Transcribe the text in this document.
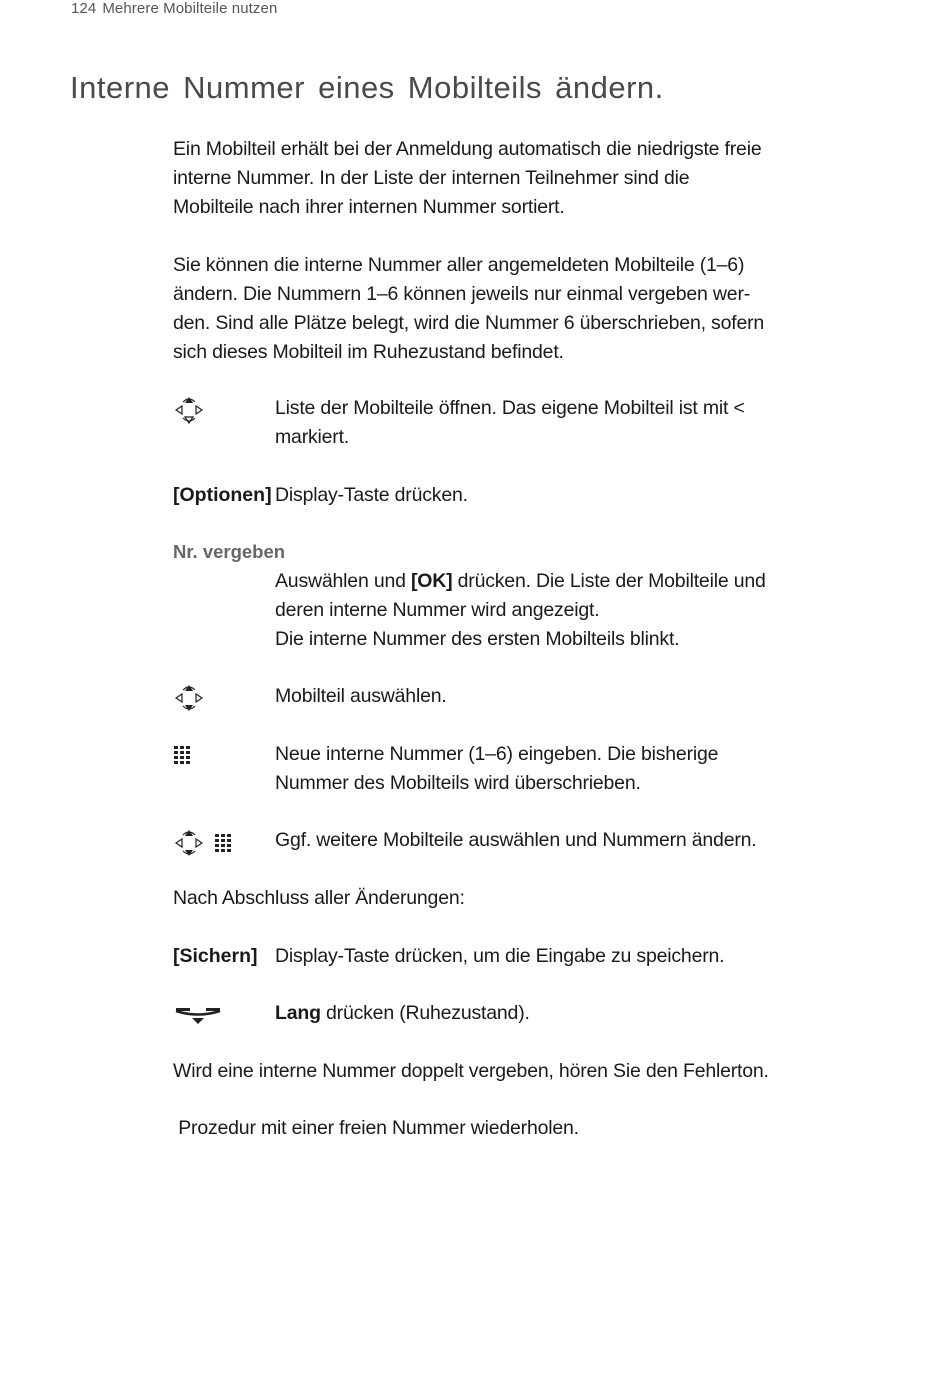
124 Mehrere Mobilteile nutzen
Interne Nummer eines Mobilteils ändern.

Ein Mobilteil erhält bei der Anmeldung automatisch die niedrigste freie interne Nummer. In der Liste der internen Teilnehmer sind die Mobilteile nach ihrer internen Nummer sortiert.

Sie können die interne Nummer aller angemeldeten Mobilteile (1–6) ändern. Die Nummern 1–6 können jeweils nur einmal vergeben wer-den. Sind alle Plätze belegt, wird die Nummer 6 überschrieben, sofern sich dieses Mobilteil im Ruhezustand befindet.

Liste der Mobilteile öffnen. Das eigene Mobilteil ist mit < markiert.
[Optionen] Display-Taste drücken.
Nr. vergeben

Auswählen und [OK] drücken. Die Liste der Mobilteile und deren interne Nummer wird angezeigt.

Die interne Nummer des ersten Mobilteils blinkt.

Mobilteil auswählen.
Neue interne Nummer (1–6) eingeben. Die bisherige Nummer des Mobilteils wird überschrieben.

Ggf. weitere Mobilteile auswählen und Nummern ändern.

Nach Abschluss aller Änderungen:

[Sichern] Display-Taste drücken, um die Eingabe zu speichern.
Lang drücken (Ruhezustand).

Wird eine interne Nummer doppelt vergeben, hören Sie den Fehlerton.

Prozedur mit einer freien Nummer wiederholen.
